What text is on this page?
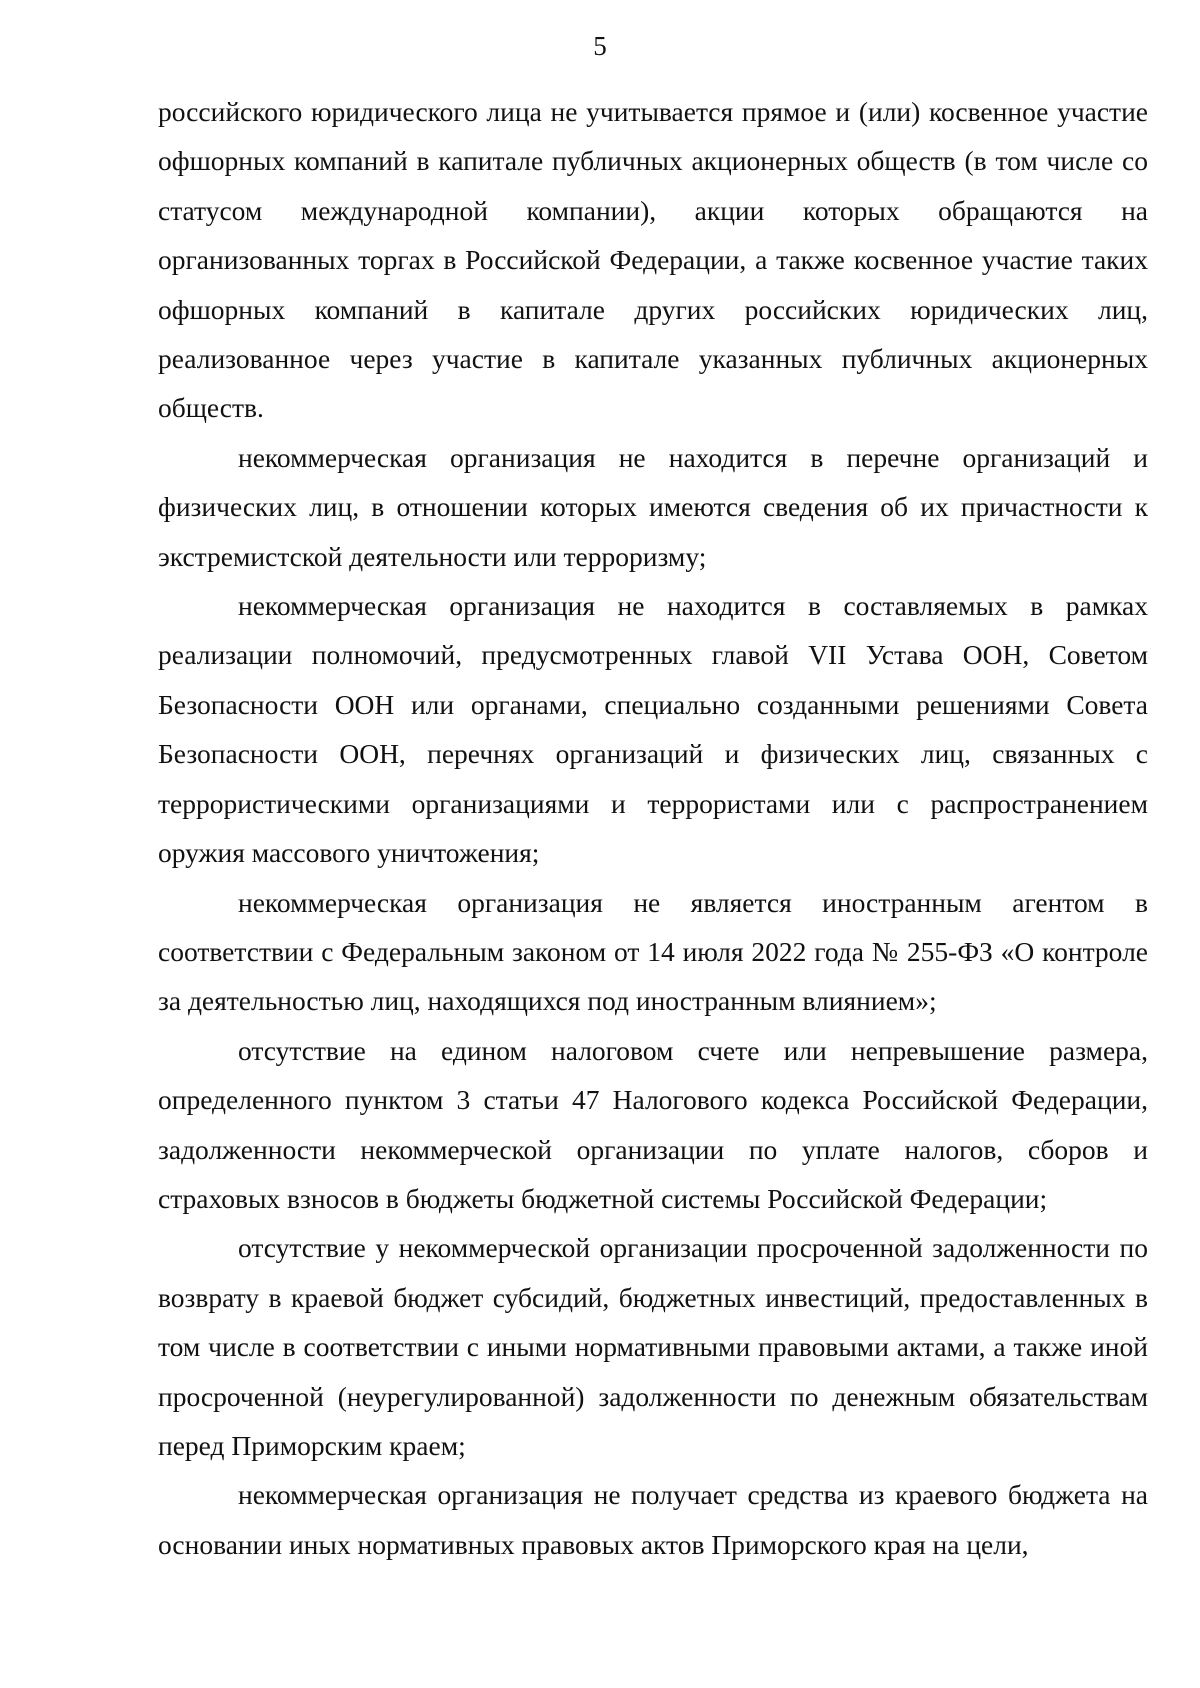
5

российского юридического лица не учитывается прямое и (или) косвенное участие офшорных компаний в капитале публичных акционерных обществ (в том числе со статусом международной компании), акции которых обращаются на организованных торгах в Российской Федерации, а также косвенное участие таких офшорных компаний в капитале других российских юридических лиц, реализованное через участие в капитале указанных публичных акционерных обществ.

некоммерческая организация не находится в перечне организаций и физических лиц, в отношении которых имеются сведения об их причастности к экстремистской деятельности или терроризму;

некоммерческая организация не находится в составляемых в рамках реализации полномочий, предусмотренных главой VII Устава ООН, Советом Безопасности ООН или органами, специально созданными решениями Совета Безопасности ООН, перечнях организаций и физических лиц, связанных с террористическими организациями и террористами или с распространением оружия массового уничтожения;

некоммерческая организация не является иностранным агентом в соответствии с Федеральным законом от 14 июля 2022 года № 255-ФЗ «О контроле за деятельностью лиц, находящихся под иностранным влиянием»;

отсутствие на едином налоговом счете или непревышение размера, определенного пунктом 3 статьи 47 Налогового кодекса Российской Федерации, задолженности некоммерческой организации по уплате налогов, сборов и страховых взносов в бюджеты бюджетной системы Российской Федерации;

отсутствие у некоммерческой организации просроченной задолженности по возврату в краевой бюджет субсидий, бюджетных инвестиций, предоставленных в том числе в соответствии с иными нормативными правовыми актами, а также иной просроченной (неурегулированной) задолженности по денежным обязательствам перед Приморским краем;

некоммерческая организация не получает средства из краевого бюджета на основании иных нормативных правовых актов Приморского края на цели,
